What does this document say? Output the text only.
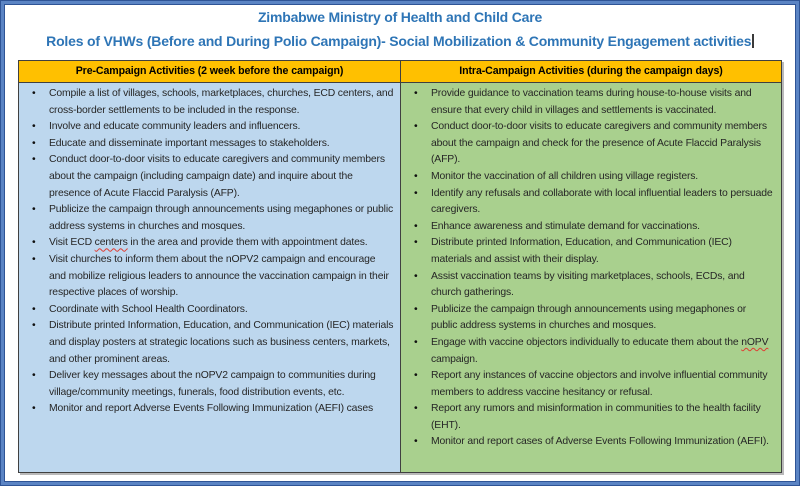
Zimbabwe Ministry of Health and Child Care
Roles of VHWs (Before and During Polio Campaign)- Social Mobilization & Community Engagement activities
Pre-Campaign Activities (2 week before the campaign)	Intra-Campaign Activities (during the campaign days)
• Compile a list of villages, schools, marketplaces, churches, ECD centers, and cross-border settlements to be included in the response.
• Involve and educate community leaders and influencers.
• Educate and disseminate important messages to stakeholders.
• Conduct door-to-door visits to educate caregivers and community members about the campaign (including campaign date) and inquire about the presence of Acute Flaccid Paralysis (AFP).
• Publicize the campaign through announcements using megaphones or public address systems in churches and mosques.
• Visit ECD centers in the area and provide them with appointment dates.
• Visit churches to inform them about the nOPV2 campaign and encourage and mobilize religious leaders to announce the vaccination campaign in their respective places of worship.
• Coordinate with School Health Coordinators.
• Distribute printed Information, Education, and Communication (IEC) materials and display posters at strategic locations such as business centers, markets, and other prominent areas.
• Deliver key messages about the nOPV2 campaign to communities during village/community meetings, funerals, food distribution events, etc.
• Monitor and report Adverse Events Following Immunization (AEFI) cases
• Provide guidance to vaccination teams during house-to-house visits and ensure that every child in villages and settlements is vaccinated.
• Conduct door-to-door visits to educate caregivers and community members about the campaign and check for the presence of Acute Flaccid Paralysis (AFP).
• Monitor the vaccination of all children using village registers.
• Identify any refusals and collaborate with local influential leaders to persuade caregivers.
• Enhance awareness and stimulate demand for vaccinations.
• Distribute printed Information, Education, and Communication (IEC) materials and assist with their display.
• Assist vaccination teams by visiting marketplaces, schools, ECDs, and church gatherings.
• Publicize the campaign through announcements using megaphones or public address systems in churches and mosques.
• Engage with vaccine objectors individually to educate them about the nOPV campaign.
• Report any instances of vaccine objectors and involve influential community members to address vaccine hesitancy or refusal.
• Report any rumors and misinformation in communities to the health facility (EHT).
• Monitor and report cases of Adverse Events Following Immunization (AEFI).
